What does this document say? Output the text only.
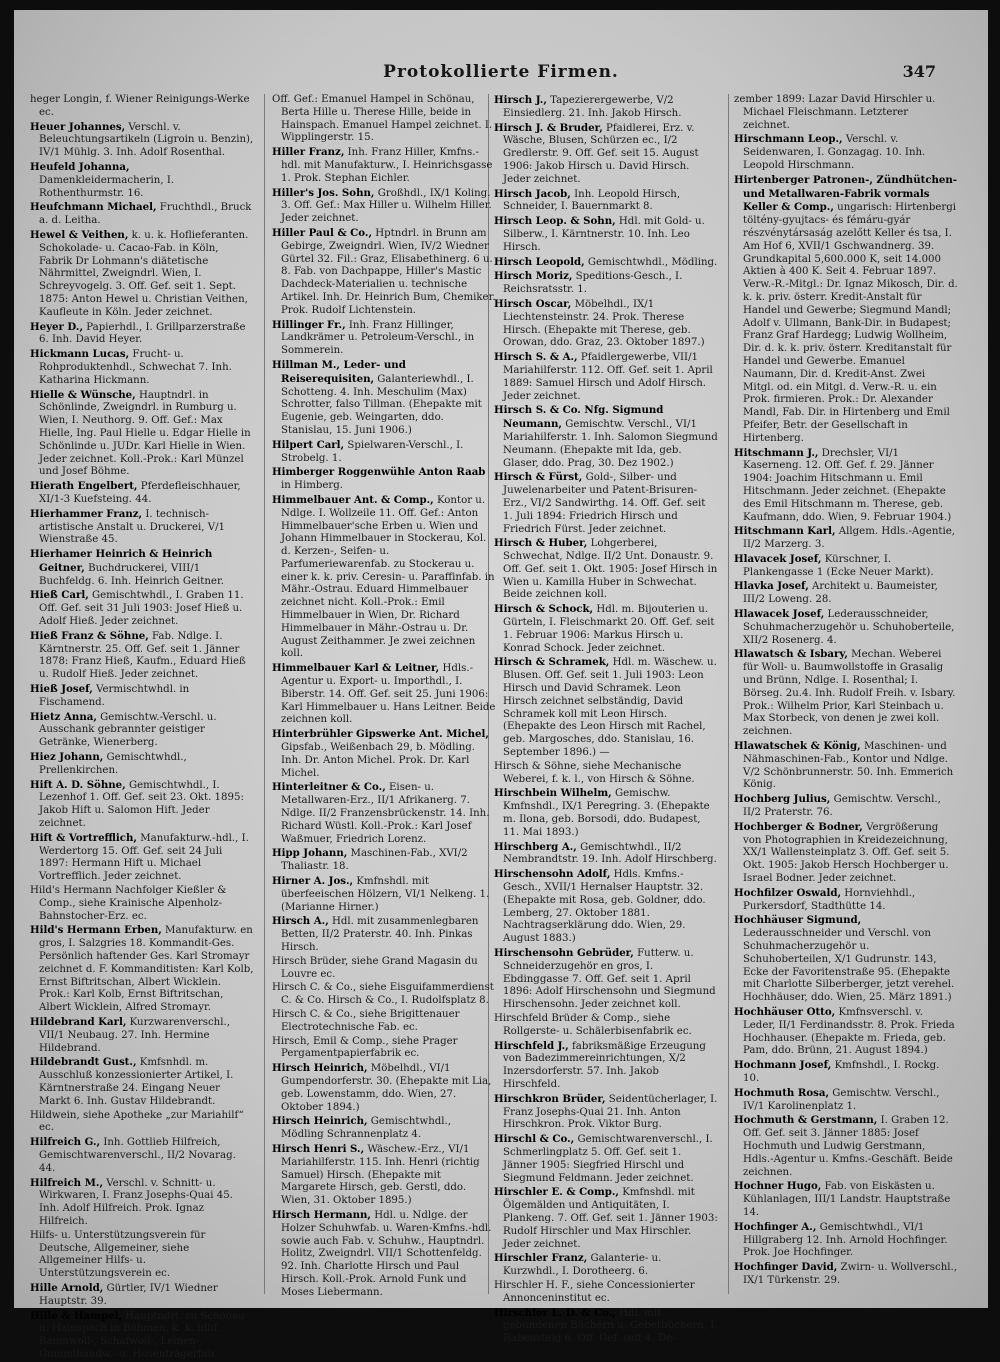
Protokollierte Firmen.	347
heger Longin, f. Wiener Reinigungs-Werke ec.
Heuer Johannes, Verschl. v. Beleuchtungsartikeln (Ligroin u. Benzin), IV/1 Mühlg. 3. Inh. Adolf Rosenthal.
Heufeld Johanna, Damenkleidermacherin, I. Rothenthurmstr. 16.
Heufchmann Michael, Fruchthdl., Bruck a. d. Leitha.
Hewel & Veithen, k. u. k. Hoflieferanten. Schokolade- u. Cacao-Fab. in Köln, Fabrik Dr Lohmann's diätetische Nährmittel, Zweigndrl. Wien, I. Schreyvogelg. 3. Off. Gef. seit 1. Sept. 1875: Anton Hewel u. Christian Veithen, Kaufleute in Köln. Jeder zeichnet.
Heyer D., Papierhdl., I. Grillparzerstraße 6. Inh. David Heyer.
Hickmann Lucas, Frucht- u. Rohproduktenhdl., Schwechat 7. Inh. Katharina Hickmann.
Hielle & Wünsche, Hauptndrl. in Schönlinde, Zweigndrl. in Rumburg u. Wien, I. Neuthorg. 9. Off. Gef.: Max Hielle, Ing. Paul Hielle u. Edgar Hielle in Schönlinde u. JUDr. Karl Hielle in Wien. Jeder zeichnet. Koll.-Prok.: Karl Münzel und Josef Böhme.
Hierath Engelbert, Pferdefleischhauer, XI/1-3 Kuefsteing. 44.
Hierhammer Franz, I. technisch-artistische Anstalt u. Druckerei, V/1 Wienstraße 45.
Hierhamer Heinrich & Heinrich Geitner, Buchdruckerei, VIII/1 Buchfeldg. 6. Inh. Heinrich Geitner.
Hieß Carl, Gemischtwhdl., I. Graben 11. Off. Gef. seit 31 Juli 1903: Josef Hieß u. Adolf Hieß. Jeder zeichnet.
Hieß Franz & Söhne, Fab. Ndlge. I. Kärntnerstr. 25. Off. Gef. seit 1. Jänner 1878: Franz Hieß, Kaufm., Eduard Hieß u. Rudolf Hieß. Jeder zeichnet.
Hieß Josef, Vermischtwhdl. in Fischamend.
Hietz Anna, Gemischtw.-Verschl. u. Ausschank gebrannter geistiger Getränke, Wienerberg.
Hiez Johann, Gemischtwhdl., Prellenkirchen.
Hift A. D. Söhne, Gemischtwhdl., I. Lezenhof 1. Off. Gef. seit 23. Okt. 1895: Jakob Hift u. Salomon Hift. Jeder zeichnet.
Hift & Vortrefflich, Manufakturw.-hdl., I. Werdertorg 15. Off. Gef. seit 24 Juli 1897: Hermann Hift u. Michael Vortrefflich. Jeder zeichnet.
Hild's Hermann Nachfolger Kießler & Comp., siehe Krainische Alpenholz-Bahnstocher-Erz. ec.
Hild's Hermann Erben, Manufakturw. en gros, I. Salzgries 18. Kommandit-Ges. Persönlich haftender Ges. Karl Stromayr zeichnet d. F. Kommanditisten: Karl Kolb, Ernst Biftritschan, Albert Wicklein. Prok.: Karl Kolb, Ernst Biftritschan, Albert Wicklein, Alfred Stromayr.
Hildebrand Karl, Kurzwarenverschl., VII/1 Neubaug. 27. Inh. Hermine Hildebrand.
Hildebrandt Gust., Kmfsnhdl. m. Ausschluß konzessionierter Artikel, I. Kärntnerstraße 24. Eingang Neuer Markt 6. Inh. Gustav Hildebrandt.
Hildwein, siehe Apotheke „zur Mariahilf“ ec.
Hilfreich G., Inh. Gottlieb Hilfreich, Gemischtwarenverschl., II/2 Novarag. 44.
Hilfreich M., Verschl. v. Schnitt- u. Wirkwaren, I. Franz Josephs-Quai 45. Inh. Adolf Hilfreich. Prok. Ignaz Hilfreich.
Hilfs- u. Unterstützungsverein für Deutsche, Allgemeiner, siehe Allgemeiner Hilfs- u. Unterstützungsverein ec.
Hille Arnold, Gürtler, IV/1 Wiedner Hauptstr. 39.
Hille & Hampel, Hauptndrl. zu Schönau u. Hainspach in Böhmen, k. k. ldbf. Baumwoll-, Schafwoll-, Leinen-, Gummibandw.- u. Hosenträgerfab.
Off. Gef.: Emanuel Hampel in Schönau, Berta Hille u. Therese Hille, beide in Hainspach. Emanuel Hampel zeichnet. I. Wipplingerstr. 15.
Hiller Franz, Inh. Franz Hiller, Kmfns.-hdl. mit Manufakturw., I. Heinrichsgasse 1. Prok. Stephan Eichler.
Hiller's Jos. Sohn, Großhdl., IX/1 Koling. 3. Off. Gef.: Max Hiller u. Wilhelm Hiller. Jeder zeichnet.
Hiller Paul & Co., Hptndrl. in Brunn am Gebirge, Zweigndrl. Wien, IV/2 Wiedner Gürtel 32. Fil.: Graz, Elisabethinerg. 6 u. 8. Fab. von Dachpappe, Hiller's Mastic Dachdeck-Materialien u. technische Artikel. Inh. Dr. Heinrich Bum, Chemiker. Prok. Rudolf Lichtenstein.
Hillinger Fr., Inh. Franz Hillinger, Landkrämer u. Petroleum-Verschl., in Sommerein.
Hillman M., Leder- und Reiserequisiten, Galanteriewhdl., I. Schotteng. 4. Inh. Meschulim (Max) Schrotter, falso Tillman. (Ehepakte mit Eugenie, geb. Weingarten, ddo. Stanislau, 15. Juni 1906.)
Hilpert Carl, Spielwaren-Verschl., I. Strobelg. 1.
Himberger Roggenwühle Anton Raab in Himberg.
Himmelbauer Ant. & Comp., Kontor u. Ndlge. I. Wollzeile 11. Off. Gef.: Anton Himmelbauer'sche Erben u. Wien und Johann Himmelbauer in Stockerau, Kol. d. Kerzen-, Seifen- u. Parfumeriewarenfab. zu Stockerau u. einer k. k. priv. Ceresin- u. Paraffinfab. in Mähr.-Ostrau. Eduard Himmelbauer zeichnet nicht. Koll.-Prok.: Emil Himmelbauer in Wien, Dr. Richard Himmelbauer in Mähr.-Ostrau u. Dr. August Zeithammer. Je zwei zeichnen koll.
Himmelbauer Karl & Leitner, Hdls.-Agentur u. Export- u. Importhdl., I. Biberstr. 14. Off. Gef. seit 25. Juni 1906: Karl Himmelbauer u. Hans Leitner. Beide zeichnen koll.
Hinterbrühler Gipswerke Ant. Michel, Gipsfab., Weißenbach 29, b. Mödling. Inh. Dr. Anton Michel. Prok. Dr. Karl Michel.
Hinterleitner & Co., Eisen- u. Metallwaren-Erz., II/1 Afrikanerg. 7. Ndlge. II/2 Franzensbrückenstr. 14. Inh. Richard Wüstl. Koll.-Prok.: Karl Josef Waßmuer, Friedrich Lorenz.
Hipp Johann, Maschinen-Fab., XVI/2 Thaliastr. 18.
Hirner A. Jos., Kmfnshdl. mit überfeeischen Hölzern, VI/1 Nelkeng. 1. (Marianne Hirner.)
Hirsch A., Hdl. mit zusammenlegbaren Betten, II/2 Praterstr. 40. Inh. Pinkas Hirsch.
Hirsch Brüder, siehe Grand Magasin du Louvre ec.
Hirsch C. & Co., siehe Eisguifammerdienst C. & Co. Hirsch & Co., I. Rudolfsplatz 8.
Hirsch C. & Co., siehe Brigittenauer Electrotechnische Fab. ec.
Hirsch, Emil & Comp., siehe Prager Pergamentpapierfabrik ec.
Hirsch Heinrich, Möbelhdl., VI/1 Gumpendorferstr. 30. (Ehepakte mit Lia, geb. Lowenstamm, ddo. Wien, 27. Oktober 1894.)
Hirsch Heinrich, Gemischtwhdl., Mödling Schrannenplatz 4.
Hirsch Henri S., Wäschew.-Erz., VI/1 Mariahilferstr. 115. Inh. Henri (richtig Samuel) Hirsch. (Ehepakte mit Margarete Hirsch, geb. Gerstl, ddo. Wien, 31. Oktober 1895.)
Hirsch Hermann, Hdl. u. Ndlge. der Holzer Schuhwfab. u. Waren-Kmfns.-hdl. sowie auch Fab. v. Schuhw., Hauptndrl. Holitz, Zweigndrl. VII/1 Schottenfeldg. 92. Inh. Charlotte Hirsch und Paul Hirsch. Koll.-Prok. Arnold Funk und Moses Liebermann.
Hirsch J., Tapezierergewerbe, V/2 Einsiedlerg. 21. Inh. Jakob Hirsch.
Hirsch J. & Bruder, Pfaidlerei, Erz. v. Wäsche, Blusen, Schürzen ec., I/2 Gredlerstr. 9. Off. Gef. seit 15. August 1906: Jakob Hirsch u. David Hirsch. Jeder zeichnet.
Hirsch Jacob, Inh. Leopold Hirsch, Schneider, I. Bauernmarkt 8.
Hirsch Leop. & Sohn, Hdl. mit Gold- u. Silberw., I. Kärntnerstr. 10. Inh. Leo Hirsch.
Hirsch Leopold, Gemischtwhdl., Mödling.
Hirsch Moriz, Speditions-Gesch., I. Reichsratsstr. 1.
Hirsch Oscar, Möbelhdl., IX/1 Liechtensteinstr. 24. Prok. Therese Hirsch. (Ehepakte mit Therese, geb. Orowan, ddo. Graz, 23. Oktober 1897.)
Hirsch S. & A., Pfaidlergewerbe, VII/1 Mariahilferstr. 112. Off. Gef. seit 1. April 1889: Samuel Hirsch und Adolf Hirsch. Jeder zeichnet.
Hirsch S. & Co. Nfg. Sigmund Neumann, Gemischtw. Verschl., VI/1 Mariahilferstr. 1. Inh. Salomon Siegmund Neumann. (Ehepakte mit Ida, geb. Glaser, ddo. Prag, 30. Dez 1902.)
Hirsch & Fürst, Gold-, Silber- und Juwelenarbeiter und Patent-Brisuren-Erz., VI/2 Sandwirthg. 14. Off. Gef. seit 1. Juli 1894: Friedrich Hirsch und Friedrich Fürst. Jeder zeichnet.
Hirsch & Huber, Lohgerberei, Schwechat, Ndlge. II/2 Unt. Donaustr. 9. Off. Gef. seit 1. Okt. 1905: Josef Hirsch in Wien u. Kamilla Huber in Schwechat. Beide zeichnen koll.
Hirsch & Schock, Hdl. m. Bijouterien u. Gürteln, I. Fleischmarkt 20. Off. Gef. seit 1. Februar 1906: Markus Hirsch u. Konrad Schock. Jeder zeichnet.
Hirsch & Schramek, Hdl. m. Wäschew. u. Blusen. Off. Gef. seit 1. Juli 1903: Leon Hirsch und David Schramek. Leon Hirsch zeichnet selbständig, David Schramek koll mit Leon Hirsch. (Ehepakte des Leon Hirsch mit Rachel, geb. Margosches, ddo. Stanislau, 16. September 1896.) —
Hirsch & Söhne, siehe Mechanische Weberei, f. k. l., von Hirsch & Söhne.
Hirschbein Wilhelm, Gemischw. Kmfnshdl., IX/1 Peregring. 3. (Ehepakte m. Ilona, geb. Borsodi, ddo. Budapest, 11. Mai 1893.)
Hirschberg A., Gemischtwhdl., II/2 Nembrandtstr. 19. Inh. Adolf Hirschberg.
Hirschensohn Adolf, Hdls. Kmfns.-Gesch., XVII/1 Hernalser Hauptstr. 32. (Ehepakte mit Rosa, geb. Goldner, ddo. Lemberg, 27. Oktober 1881. Nachtragserklärung ddo. Wien, 29. August 1883.)
Hirschensohn Gebrüder, Futterw. u. Schneiderzugehör en gros, I. Ebdinggasse 7. Off. Gef. seit 1. April 1896: Adolf Hirschensohn und Siegmund Hirschensohn. Jeder zeichnet koll.
Hirschfeld Brüder & Comp., siehe Rollgerste- u. Schälerbisenfabrik ec.
Hirschfeld J., fabriksmäßige Erzeugung von Badezimmereinrichtungen, X/2 Inzersdorferstr. 57. Inh. Jakob Hirschfeld.
Hirschkron Brüder, Seidentücherlager, I. Franz Josephs-Quai 21. Inh. Anton Hirschkron. Prok. Viktor Burg.
Hirschl & Co., Gemischtwarenverschl., I. Schmerlingplatz 5. Off. Gef. seit 1. Jänner 1905: Siegfried Hirschl und Siegmund Feldmann. Jeder zeichnet.
Hirschler E. & Comp., Kmfnshdl. mit Ölgemälden und Antiquitäten, I. Plankeng. 7. Off. Gef. seit 1. Jänner 1903: Rudolf Hirschler und Max Hirschler. Jeder zeichnet.
Hirschler Franz, Galanterie- u. Kurzwhdl., I. Dorotheerg. 6.
Hirschler H. F., siehe Concessionierter Annonceninstitut ec.
Hirschler L. D. & Co., Hdl. mit gebundenen Büchern u. Gebetbüchern, I. Rabensteig 6. Off. Gef. seit 4. De-
zember 1899: Lazar David Hirschler u. Michael Fleischmann. Letzterer zeichnet.
Hirschmann Leop., Verschl. v. Seidenwaren, I. Gonzagag. 10. Inh. Leopold Hirschmann.
Hirtenberger Patronen-, Zündhütchen- und Metallwaren-Fabrik vormals Keller & Comp., ungarisch: Hirtenbergi töltény-gyujtacs- és fémáru-gyár részvénytársaság azelőtt Keller és tsa, I. Am Hof 6, XVII/1 Gschwandnerg. 39. Grundkapital 5,600.000 K, seit 14.000 Aktien à 400 K. Seit 4. Februar 1897. Verw.-R.-Mitgl.: Dr. Ignaz Mikosch, Dir. d. k. k. priv. österr. Kredit-Anstalt für Handel und Gewerbe; Siegmund Mandl; Adolf v. Ullmann, Bank-Dir. in Budapest; Franz Graf Hardegg; Ludwig Wollheim, Dir. d. k. k. priv. österr. Kreditanstalt für Handel und Gewerbe. Emanuel Naumann, Dir. d. Kredit-Anst. Zwei Mitgl. od. ein Mitgl. d. Verw.-R. u. ein Prok. firmieren. Prok.: Dr. Alexander Mandl, Fab. Dir. in Hirtenberg und Emil Pfeifer, Betr. der Gesellschaft in Hirtenberg.
Hitschmann J., Drechsler, VI/1 Kaserneng. 12. Off. Gef. f. 29. Jänner 1904: Joachim Hitschmann u. Emil Hitschmann. Jeder zeichnet. (Ehepakte des Emil Hitschmann m. Therese, geb. Kaufmann, ddo. Wien, 9. Februar 1904.)
Hitschmann Karl, Allgem. Hdls.-Agentie, II/2 Marzerg. 3.
Hlavacek Josef, Kürschner, I. Plankengasse 1 (Ecke Neuer Markt).
Hlavka Josef, Architekt u. Baumeister, III/2 Loweng. 28.
Hlawacek Josef, Lederausschneider, Schuhmacherzugehör u. Schuhoberteile, XII/2 Rosenerg. 4.
Hlawatsch & Isbary, Mechan. Weberei für Woll- u. Baumwollstoffe in Grasalig und Brünn, Ndlge. I. Rosenthal; I. Börseg. 2u.4. Inh. Rudolf Freih. v. Isbary. Prok.: Wilhelm Prior, Karl Steinbach u. Max Storbeck, von denen je zwei koll. zeichnen.
Hlawatschek & König, Maschinen- und Nähmaschinen-Fab., Kontor und Ndlge. V/2 Schönbrunnerstr. 50. Inh. Emmerich König.
Hochberg Julius, Gemischtw. Verschl., II/2 Praterstr. 76.
Hochberger & Bodner, Vergrößerung von Photographien in Kreidezeichnung, XX/1 Wallensteinplatz 3. Off. Gef. seit 5. Okt. 1905: Jakob Hersch Hochberger u. Israel Bodner. Jeder zeichnet.
Hochfilzer Oswald, Hornviehhdl., Purkersdorf, Stadthütte 14.
Hochhäuser Sigmund, Lederausschneider und Verschl. von Schuhmacherzugehör u. Schuhoberteilen, X/1 Gudrunstr. 143, Ecke der Favoritenstraße 95. (Ehepakte mit Charlotte Silberberger, jetzt verehel. Hochhäuser, ddo. Wien, 25. März 1891.)
Hochhäuser Otto, Kmfnsverschl. v. Leder, II/1 Ferdinandsstr. 8. Prok. Frieda Hochhauser. (Ehepakte m. Frieda, geb. Pam, ddo. Brünn, 21. August 1894.)
Hochmann Josef, Kmfnshdl., I. Rockg. 10.
Hochmuth Rosa, Gemischtw. Verschl., IV/1 Karolinenplatz 1.
Hochmuth & Gerstmann, I. Graben 12. Off. Gef. seit 3. Jänner 1885: Josef Hochmuth und Ludwig Gerstmann, Hdls.-Agentur u. Kmfns.-Geschäft. Beide zeichnen.
Hochner Hugo, Fab. von Eiskästen u. Kühlanlagen, III/1 Landstr. Hauptstraße 14.
Hochfinger A., Gemischtwhdl., VI/1 Hillgraberg 12. Inh. Arnold Hochfinger. Prok. Joe Hochfinger.
Hochfinger David, Zwirn- u. Wollverschl., IX/1 Türkenstr. 29.
